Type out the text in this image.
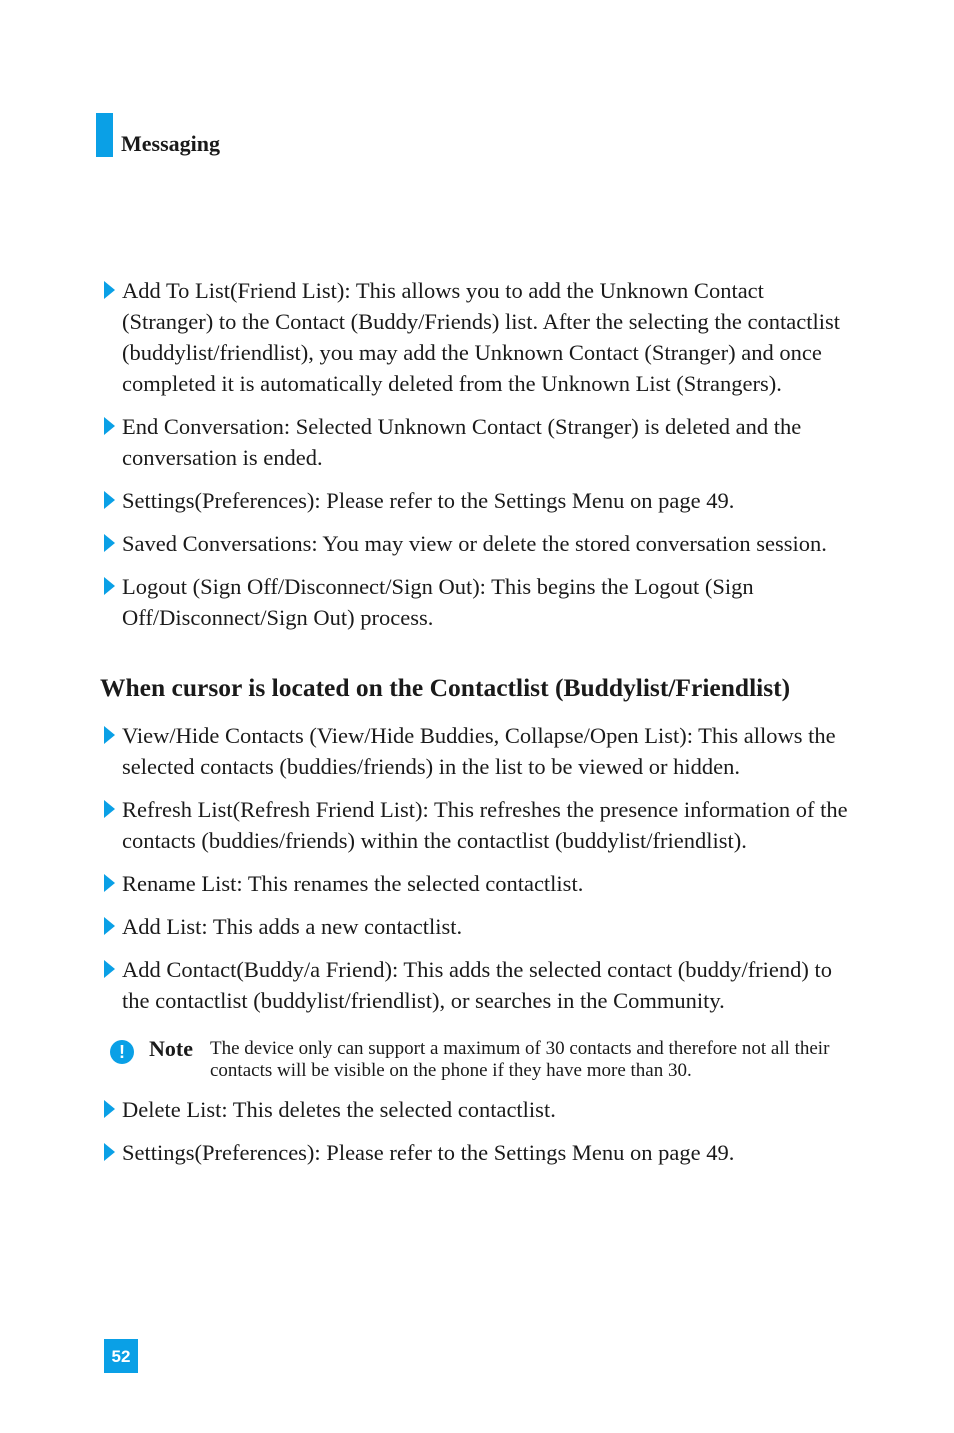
Messaging
Add To List(Friend List): This allows you to add the Unknown Contact (Stranger) to the Contact (Buddy/Friends) list. After the selecting the contactlist (buddylist/friendlist), you may add the Unknown Contact (Stranger) and once completed it is automatically deleted from the Unknown List (Strangers).
End Conversation: Selected Unknown Contact (Stranger) is deleted and the conversation is ended.
Settings(Preferences): Please refer to the Settings Menu on page 49.
Saved Conversations: You may view or delete the stored conversation session.
Logout (Sign Off/Disconnect/Sign Out): This begins the Logout (Sign Off/Disconnect/Sign Out) process.
When cursor is located on the Contactlist (Buddylist/Friendlist)
View/Hide Contacts (View/Hide Buddies, Collapse/Open List): This allows the selected contacts (buddies/friends) in the list to be viewed or hidden.
Refresh List(Refresh Friend List): This refreshes the presence information of the contacts (buddies/friends) within the contactlist (buddylist/friendlist).
Rename List: This renames the selected contactlist.
Add List: This adds a new contactlist.
Add Contact(Buddy/a Friend): This adds the selected contact (buddy/friend) to the contactlist (buddylist/friendlist), or searches in the Community.
!	Note The device only can support a maximum of 30 contacts and therefore not all their contacts will be visible on the phone if they have more than 30.
Delete List: This deletes the selected contactlist.
Settings(Preferences): Please refer to the Settings Menu on page 49.
52
